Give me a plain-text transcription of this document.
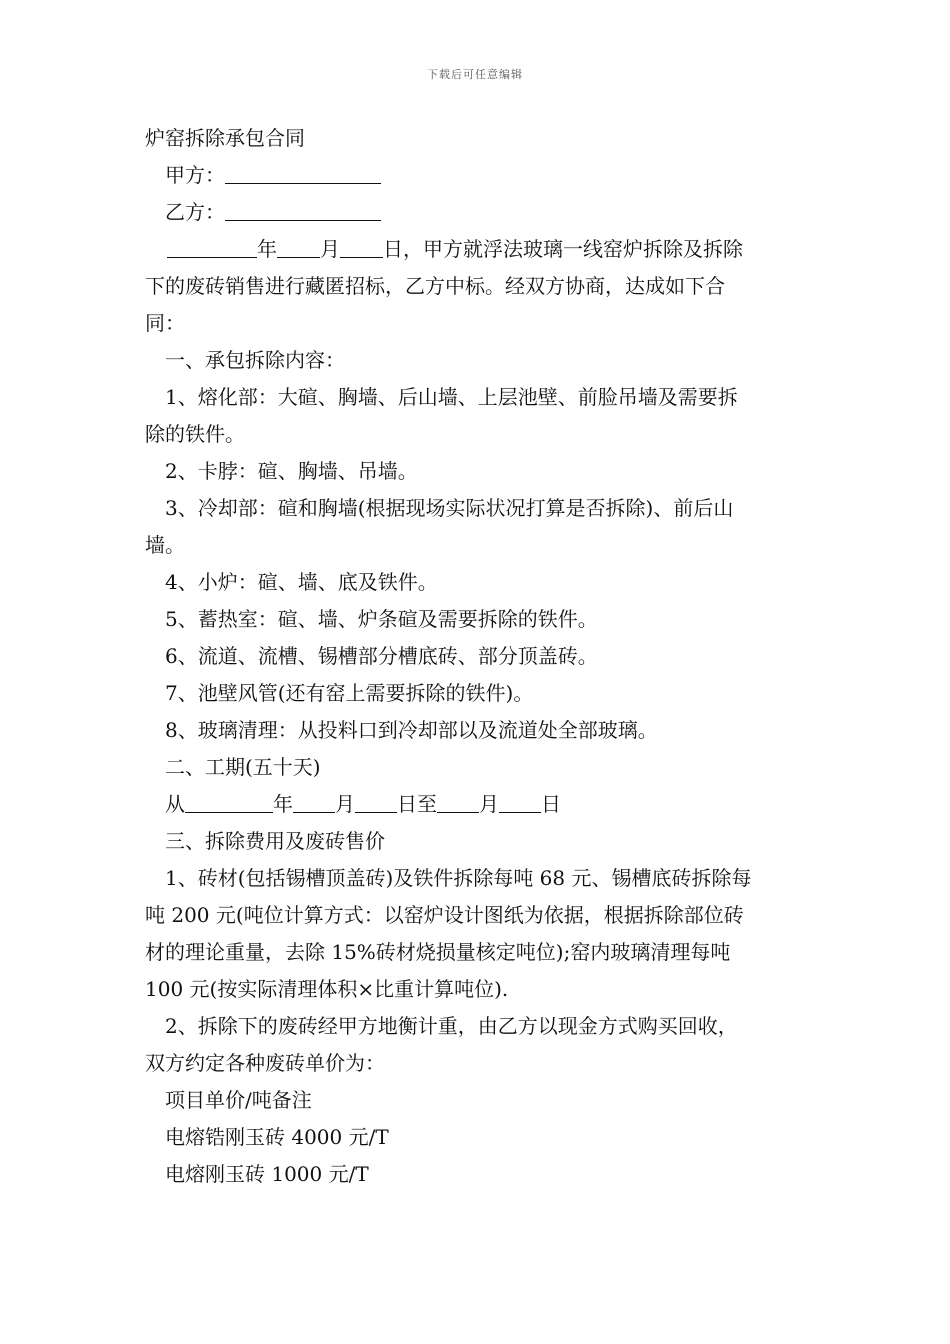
下载后可任意编辑

炉窑拆除承包合同

甲方：

乙方：

年 月 日，甲方就浮法玻璃一线窑炉拆除及拆除

下的废砖销售进行藏匿招标，乙方中标。经双方协商，达成如下合

同：

一、承包拆除内容：

1、熔化部：大碹、胸墙、后山墙、上层池壁、前脸吊墙及需要拆

除的铁件。

2、卡脖：碹、胸墙、吊墙。

3、冷却部：碹和胸墙(根据现场实际状况打算是否拆除)、前后山

墙。

4、小炉：碹、墙、底及铁件。

5、蓄热室：碹、墙、炉条碹及需要拆除的铁件。

6、流道、流槽、锡槽部分槽底砖、部分顶盖砖。

7、池壁风管(还有窑上需要拆除的铁件)。

8、玻璃清理：从投料口到冷却部以及流道处全部玻璃。

二、工期(五十天)

从	年 月 日至 月 日

三、拆除费用及废砖售价

1、砖材(包括锡槽顶盖砖)及铁件拆除每吨 68 元、锡槽底砖拆除每

吨 200 元(吨位计算方式：以窑炉设计图纸为依据，根据拆除部位砖

材的理论重量，去除 15%砖材烧损量核定吨位);窑内玻璃清理每吨

100 元(按实际清理体积×比重计算吨位).

2、拆除下的废砖经甲方地衡计重，由乙方以现金方式购买回收，

双方约定各种废砖单价为：

项目单价/吨备注

电熔锆刚玉砖 4000 元/T

电熔刚玉砖 1000 元/T
